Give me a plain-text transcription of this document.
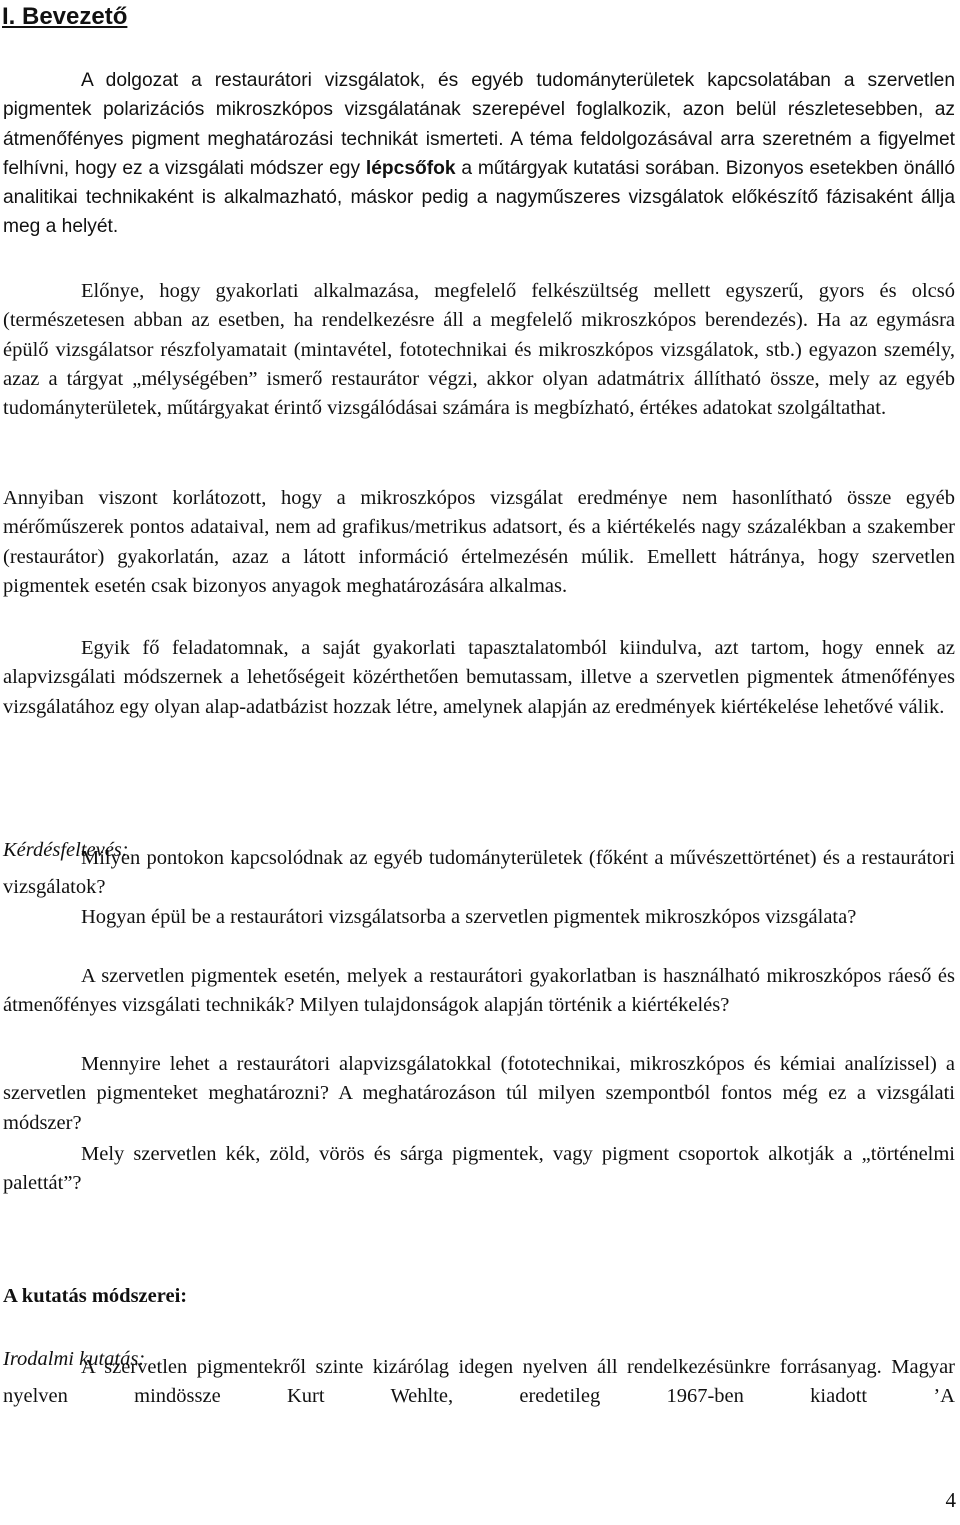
I. Bevezető

A dolgozat a restaurátori vizsgálatok, és egyéb tudományterületek kapcsolatában a szervetlen pigmentek polarizációs mikroszkópos vizsgálatának szerepével foglalkozik, azon belül részletesebben, az átmenőfényes pigment meghatározási technikát ismerteti. A téma feldolgozásával arra szeretném a figyelmet felhívni, hogy ez a vizsgálati módszer egy lépcsőfok a műtárgyak kutatási sorában. Bizonyos esetekben önálló analitikai technikaként is alkalmazható, máskor pedig a nagyműszeres vizsgálatok előkészítő fázisaként állja meg a helyét.

Előnye, hogy gyakorlati alkalmazása, megfelelő felkészültség mellett egyszerű, gyors és olcsó (természetesen abban az esetben, ha rendelkezésre áll a megfelelő mikroszkópos berendezés). Ha az egymásra épülő vizsgálatsor részfolyamatait (mintavétel, fototechnikai és mikroszkópos vizsgálatok, stb.) egyazon személy, azaz a tárgyat „mélységében” ismerő restaurátor végzi, akkor olyan adatmátrix állítható össze, mely az egyéb tudományterületek, műtárgyakat érintő vizsgálódásai számára is megbízható, értékes adatokat szolgáltathat.

Annyiban viszont korlátozott, hogy a mikroszkópos vizsgálat eredménye nem hasonlítható össze egyéb mérőműszerek pontos adataival, nem ad grafikus/metrikus adatsort, és a kiértékelés nagy százalékban a szakember (restaurátor) gyakorlatán, azaz a látott információ értelmezésén múlik. Emellett hátránya, hogy szervetlen pigmentek esetén csak bizonyos anyagok meghatározására alkalmas.

Egyik fő feladatomnak, a saját gyakorlati tapasztalatomból kiindulva, azt tartom, hogy ennek az alapvizsgálati módszernek a lehetőségeit közérthetően bemutassam, illetve a szervetlen pigmentek átmenőfényes vizsgálatához egy olyan alap-adatbázist hozzak létre, amelynek alapján az eredmények kiértékelése lehetővé válik.

Kérdésfeltevés:

Milyen pontokon kapcsolódnak az egyéb tudományterületek (főként a művészettörténet) és a restaurátori vizsgálatok?

Hogyan épül be a restaurátori vizsgálatsorba a szervetlen pigmentek mikroszkópos vizsgálata?

A szervetlen pigmentek esetén, melyek a restaurátori gyakorlatban is használható mikroszkópos ráeső és átmenőfényes vizsgálati technikák? Milyen tulajdonságok alapján történik a kiértékelés?

Mennyire lehet a restaurátori alapvizsgálatokkal (fototechnikai, mikroszkópos és kémiai analízissel) a szervetlen pigmenteket meghatározni? A meghatározáson túl milyen szempontból fontos még ez a vizsgálati módszer?

Mely szervetlen kék, zöld, vörös és sárga pigmentek, vagy pigment csoportok alkotják a „történelmi palettát”?

A kutatás módszerei:

Irodalmi kutatás:

A szervetlen pigmentekről szinte kizárólag idegen nyelven áll rendelkezésünkre forrásanyag. Magyar nyelven mindössze Kurt Wehlte, eredetileg 1967-ben kiadott ’A

4
